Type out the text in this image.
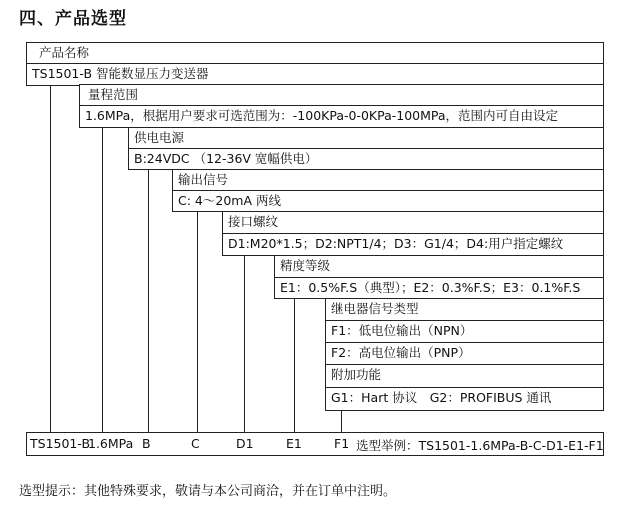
四、产品选型
产品名称
TS1501-B 智能数显压力变送器
量程范围
1.6MPa，根据用户要求可选范围为：-100KPa-0-0KPa-100MPa，范围内可自由设定
供电电源
B:24VDC （12-36V 宽幅供电）
输出信号
C: 4～20mA 两线
接口螺纹
D1:M20*1.5；D2:NPT1/4；D3：G1/4；D4:用户指定螺纹
精度等级
E1：0.5%F.S（典型）；E2：0.3%F.S；E3：0.1%F.S
继电器信号类型
F1：低电位输出（NPN）
F2：高电位输出（PNP）
附加功能
G1：Hart 协议　G2：PROFIBUS 通讯
TS1501-B
1.6MPa B	C	D1	E1	F1 选型举例：TS1501-1.6MPa-B-C-D1-E1-F1
选型提示：其他特殊要求，敬请与本公司商洽，并在订单中注明。
